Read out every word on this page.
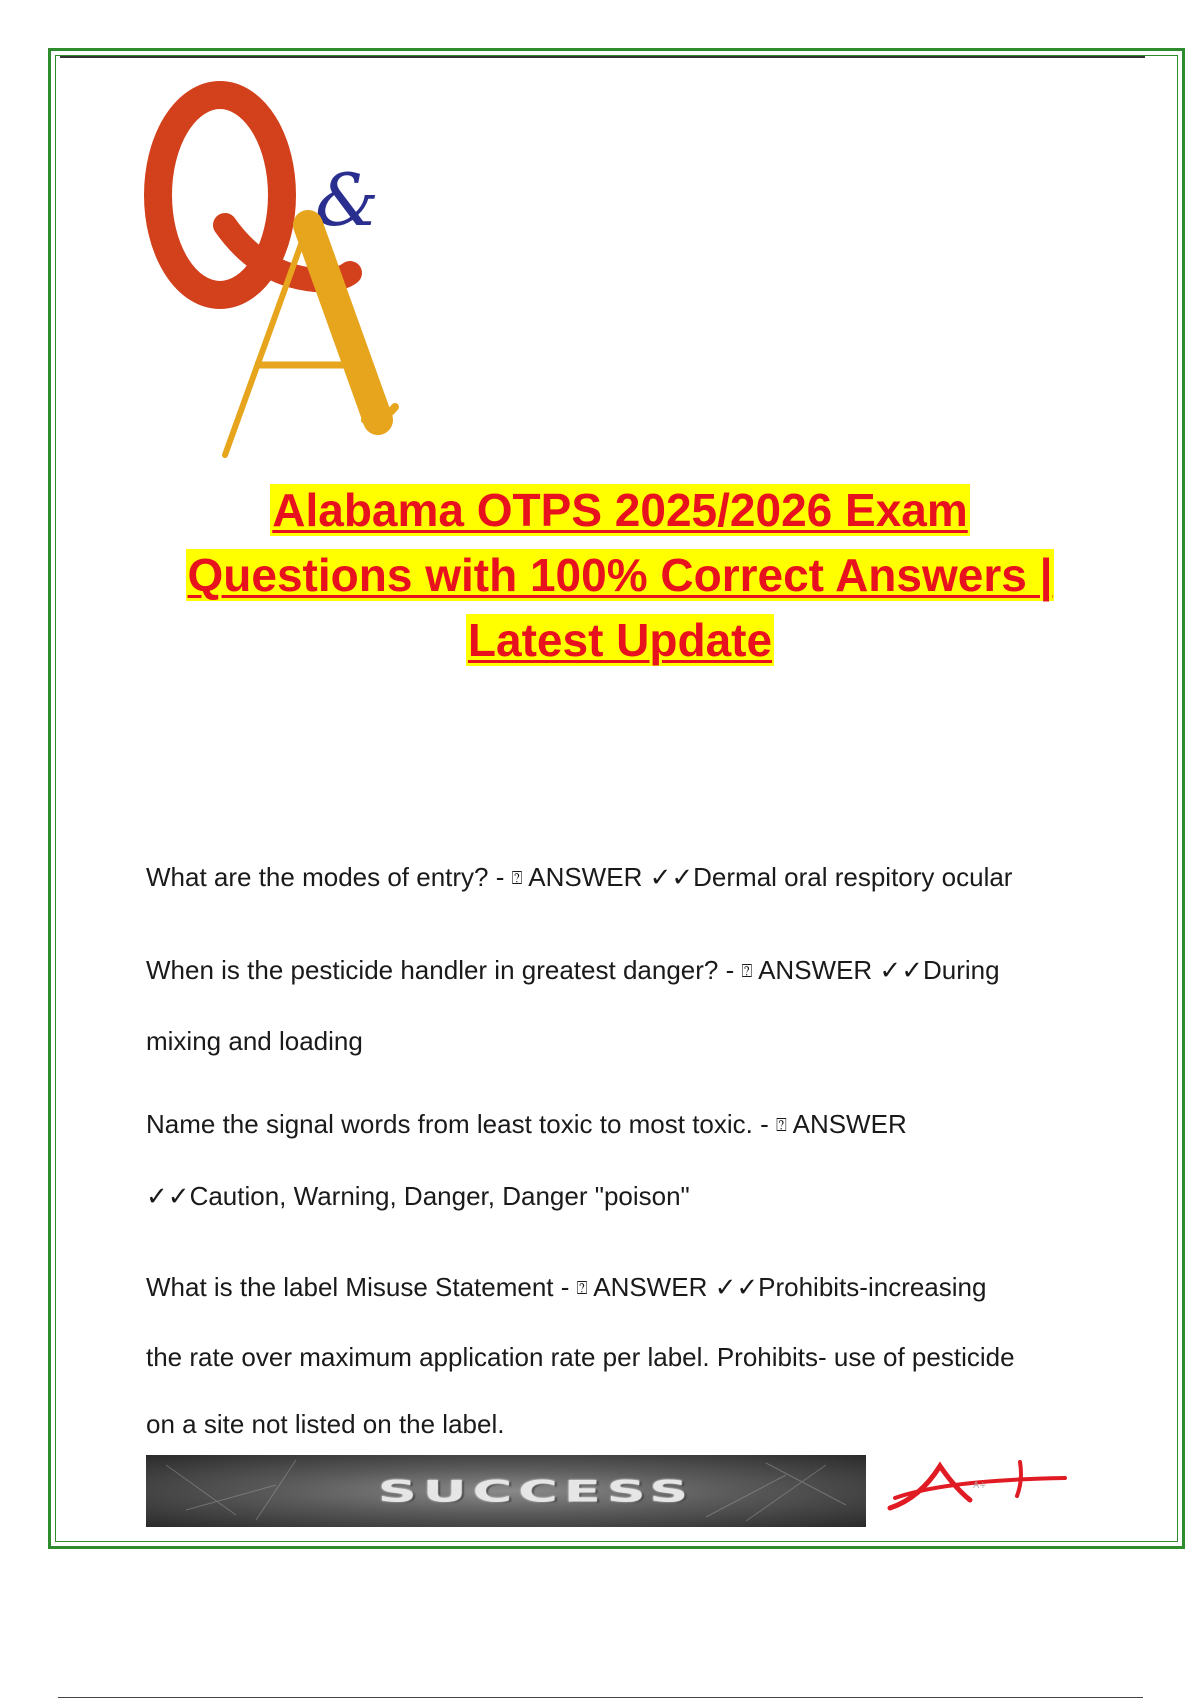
&
Alabama OTPS 2025/2026 Exam
Questions with 100% Correct Answers |
Latest Update
What are the modes of entry? - ⍰ ANSWER ✓✓Dermal oral respitory ocular
When is the pesticide handler in greatest danger? - ⍰ ANSWER ✓✓During
mixing and loading
Name the signal words from least toxic to most toxic. - ⍰ ANSWER
✓✓Caution, Warning, Danger, Danger "poison"
What is the label Misuse Statement - ⍰ ANSWER ✓✓Prohibits-increasing
the rate over maximum application rate per label. Prohibits- use of pesticide
on a site not listed on the label.
SUCCESS	A+
